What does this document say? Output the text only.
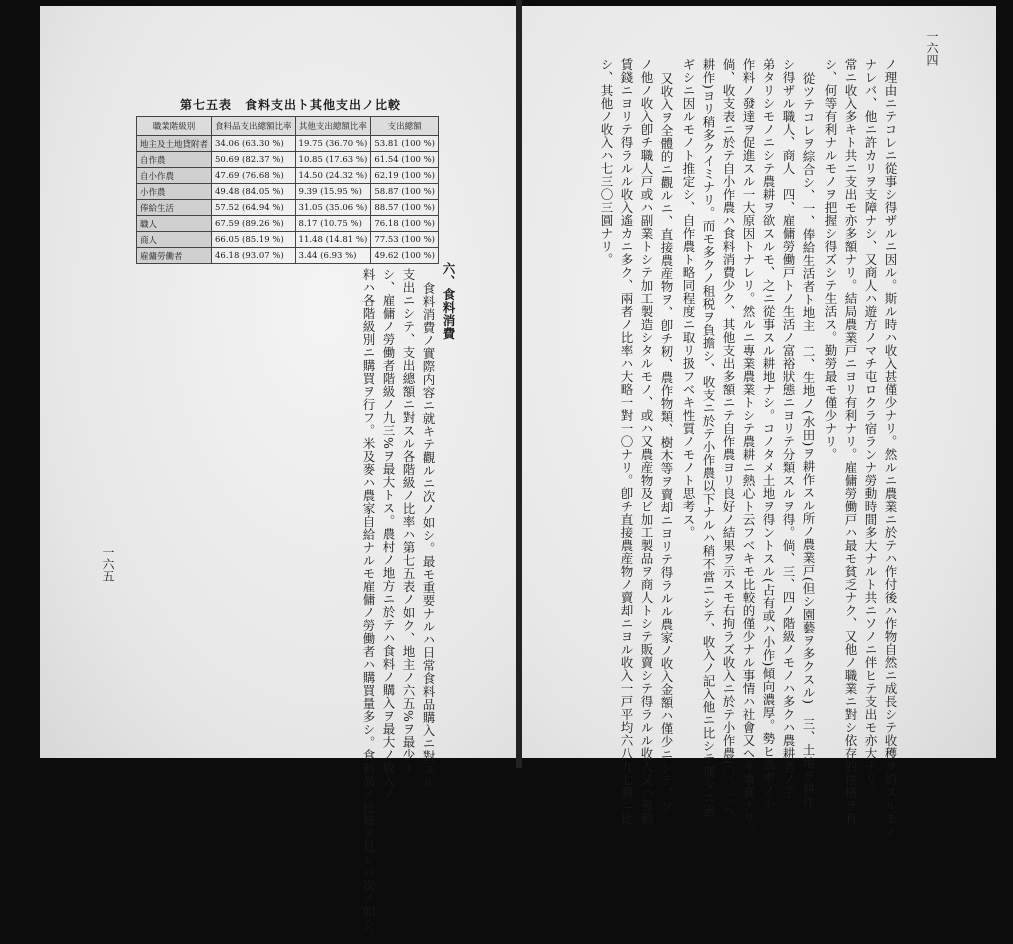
第七五表　食料支出ト其他支出ノ比較
職業階級別	食料品支出總額比率	其他支出總額比率	支出總額
地主及土地貸附者	34.06 (63.30 %)	19.75 (36.70 %)	53.81 (100 %)
自作農	50.69 (82.37 %)	10.85 (17.63 %)	61.54 (100 %)
自小作農	47.69 (76.68 %)	14.50 (24.32 %)	62.19 (100 %)
小作農	49.48 (84.05 %)	9.39 (15.95 %)	58.87 (100 %)
俸給生活	57.52 (64.94 %)	31.05 (35.06 %)	88.57 (100 %)
職人	67.59 (89.26 %)	8.17 (10.75 %)	76.18 (100 %)
商人	66.05 (85.19 %)	11.48 (14.81 %)	77.53 (100 %)
雇傭勞働者	46.18 (93.07 %)	3.44 (6.93 %)	49.62 (100 %)
六、食料消費
食料消費ノ實際内容ニ就キテ觀ルニ次ノ如シ。最モ重要ナルハ日常食料品購入ニ對スル
支出ニシテ、支出總額ニ對スル各階級ノ比率ハ第七五表ノ如ク、地主ノ六五%ヲ最少ト
シ、雇傭ノ勞働者階級ノ九三%ヲ最大トス。農村ノ地方ニ於テハ食料ノ購入ヲ最大ノ收入ノ
料ハ各階級別ニ購買ヲ行フ。米及麥ハ農家自給ナルモ雇傭ノ勞働者ハ購買量多シ。食料品ノ比較ヲ見レバ次ノ如シ。
一六五
一六四
ノ理由ニテコレニ從事シ得ザルニ因ル。斯ル時ハ收入甚僅少ナリ。然ルニ農業ニ於テハ作付後ハ作物自然ニ成長シテ收穫ヲ約スルモノ
ナレバ、他ニ許カリヲ支障ナシ、又商人ハ遊方ノマチ屯ロクラ宿ランナ勞動時間多大ナルト共ニソノニ伴ヒテ支出モ亦大ナリ。
常ニ收入多キト共ニ支出モ亦多額ナリ。結局農業戸ニヨリ有利ナリ。雇傭勞働戸ハ最モ貧乏ナク、又他ノ職業ニ對シ依存的性格ヲ有
シ、何等有利ナルモノヲ把握シ得ズシテ生活ス。勤勞最モ僅少ナリ。
從ツテコレヲ綜合シ、一、俸給生活者ト地主　二、生地ノ(水田)ヲ耕作スル所ノ農業戸(但シ園藝ヲ多クスル)　三、土地ヲ耕作
シ得ザル職人、商人　四、雇傭勞働戸トノ生活ノ富裕狀態ニヨリテ分類スルヲ得。倘、三、四ノ階級ノモノハ多クハ農耕者ノ子
弟タリシモノニシテ農耕ヲ欲スルモ、之ニ從事スル耕地ナシ。コノタメ土地ヲ得ントスル(占有或ハ小作)傾向濃厚。勢ヒ高率ノ小
作料ノ發達ヲ促進スル一大原因トナレリ。然ルニ專業農業トシテ農耕ニ熱心ト云フベキモ比較的僅少ナル事情ハ社會又ヘキ事實ナリ。
倘、收支表ニ於テ自小作農ハ食料消費少ク、其他支出多額ニテ自作農ヨリ良好ノ結果ヲ示スモ右拘ラズ收入ニ於テ小作農(〇、二ヘ
耕作)ヨリ稍多クイミナリ。而モ多クノ租税ヲ負擔シ、收支ニ於テ小作農以下ナルハ稍不當ニシテ、收入ノ記入他ニ比シテ僅少ニ過
ギシニ因ルモノト推定シ、自作農ト略同程度ニ取リ扱フベキ性質ノモノト思考ス。
又收入ヲ全體的ニ觀ルニ、直接農産物ヲ、卽チ籾、農作物類、樹木等ヲ賣却ニヨリテ得ラルル農家ノ收入金額ハ僅少ニシテ、ソ
ノ他ノ收入卽チ職人戸或ハ副業トシテ加工製造シタルモノ、或ハ又農産物及ビ加工製品ヲ商人トシテ販賣シテ得ラルル收入又ハ勞動
賃錢ニヨリテ得ラルル收入遙カニ多ク、兩者ノ比率ハ大略一對一〇ナリ。卽チ直接農産物ノ賣却ニヨル收入一戸平均六八九七圓ニ比
シ、其他ノ收入ハ七三〇三圓ナリ。
